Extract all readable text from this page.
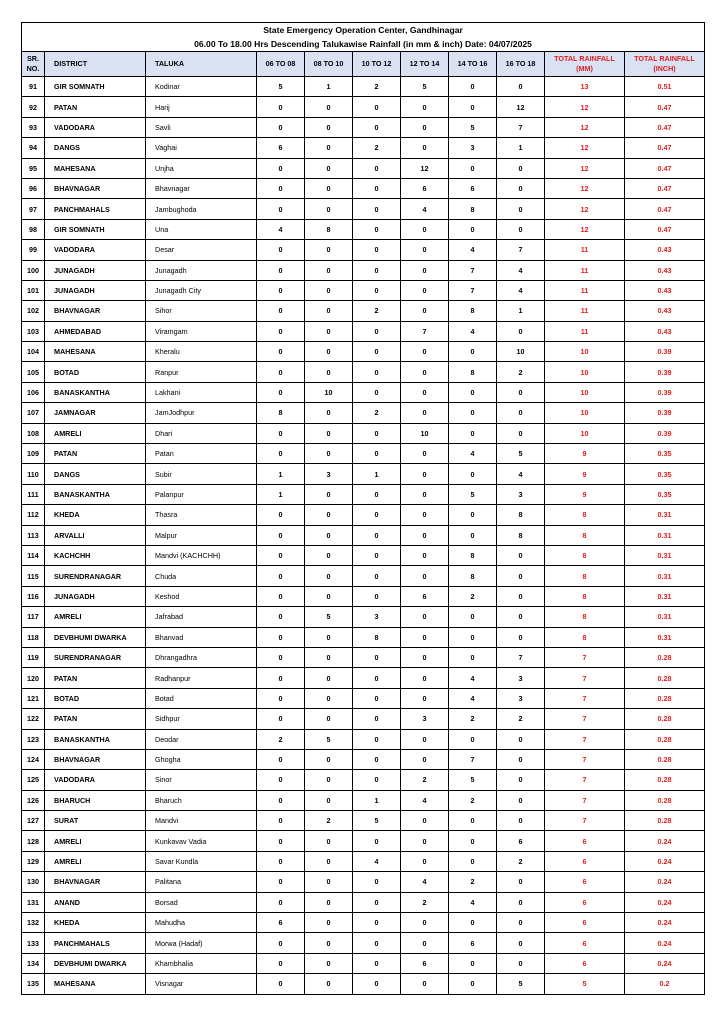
State Emergency Operation Center, Gandhinagar										
06.00 To 18.00 Hrs Descending Talukawise Rainfall (in mm & inch) Date: 04/07/2025										
SR.
NO.	DISTRICT	TALUKA	06 TO 08	08 TO 10	10 TO 12	12 TO 14	14 TO 16	16 TO 18	TOTAL RAINFALL
(MM)	TOTAL RAINFALL
(INCH)
91	GIR SOMNATH	Kodinar	5	1	2	5	0	0	13	0.51
92	PATAN	Harij	0	0	0	0	0	12	12	0.47
93	VADODARA	Savli	0	0	0	0	5	7	12	0.47
94	DANGS	Vaghai	6	0	2	0	3	1	12	0.47
95	MAHESANA	Unjha	0	0	0	12	0	0	12	0.47
96	BHAVNAGAR	Bhavnagar	0	0	0	6	6	0	12	0.47
97	PANCHMAHALS	Jambughoda	0	0	0	4	8	0	12	0.47
98	GIR SOMNATH	Una	4	8	0	0	0	0	12	0.47
99	VADODARA	Desar	0	0	0	0	4	7	11	0.43
100	JUNAGADH	Junagadh	0	0	0	0	7	4	11	0.43
101	JUNAGADH	Junagadh City	0	0	0	0	7	4	11	0.43
102	BHAVNAGAR	Sihor	0	0	2	0	8	1	11	0.43
103	AHMEDABAD	Viramgam	0	0	0	7	4	0	11	0.43
104	MAHESANA	Kheralu	0	0	0	0	0	10	10	0.39
105	BOTAD	Ranpur	0	0	0	0	8	2	10	0.39
106	BANASKANTHA	Lakhani	0	10	0	0	0	0	10	0.39
107	JAMNAGAR	JamJodhpur	8	0	2	0	0	0	10	0.39
108	AMRELI	Dhari	0	0	0	10	0	0	10	0.39
109	PATAN	Patan	0	0	0	0	4	5	9	0.35
110	DANGS	Subir	1	3	1	0	0	4	9	0.35
111	BANASKANTHA	Palanpur	1	0	0	0	5	3	9	0.35
112	KHEDA	Thasra	0	0	0	0	0	8	8	0.31
113	ARVALLI	Malpur	0	0	0	0	0	8	8	0.31
114	KACHCHH	Mandvi (KACHCHH)	0	0	0	0	8	0	8	0.31
115	SURENDRANAGAR	Chuda	0	0	0	0	8	0	8	0.31
116	JUNAGADH	Keshod	0	0	0	6	2	0	8	0.31
117	AMRELI	Jafrabad	0	5	3	0	0	0	8	0.31
118	DEVBHUMI DWARKA	Bhanvad	0	0	8	0	0	0	8	0.31
119	SURENDRANAGAR	Dhrangadhra	0	0	0	0	0	7	7	0.28
120	PATAN	Radhanpur	0	0	0	0	4	3	7	0.28
121	BOTAD	Botad	0	0	0	0	4	3	7	0.28
122	PATAN	Sidhpur	0	0	0	3	2	2	7	0.28
123	BANASKANTHA	Deodar	2	5	0	0	0	0	7	0.28
124	BHAVNAGAR	Ghogha	0	0	0	0	7	0	7	0.28
125	VADODARA	Sinor	0	0	0	2	5	0	7	0.28
126	BHARUCH	Bharuch	0	0	1	4	2	0	7	0.28
127	SURAT	Mandvi	0	2	5	0	0	0	7	0.28
128	AMRELI	Kunkavav Vadia	0	0	0	0	0	6	6	0.24
129	AMRELI	Savar Kundla	0	0	4	0	0	2	6	0.24
130	BHAVNAGAR	Palitana	0	0	0	4	2	0	6	0.24
131	ANAND	Borsad	0	0	0	2	4	0	6	0.24
132	KHEDA	Mahudha	6	0	0	0	0	0	6	0.24
133	PANCHMAHALS	Morwa (Hadaf)	0	0	0	0	6	0	6	0.24
134	DEVBHUMI DWARKA	Khambhalia	0	0	0	6	0	0	6	0.24
135	MAHESANA	Visnagar	0	0	0	0	0	5	5	0.2
